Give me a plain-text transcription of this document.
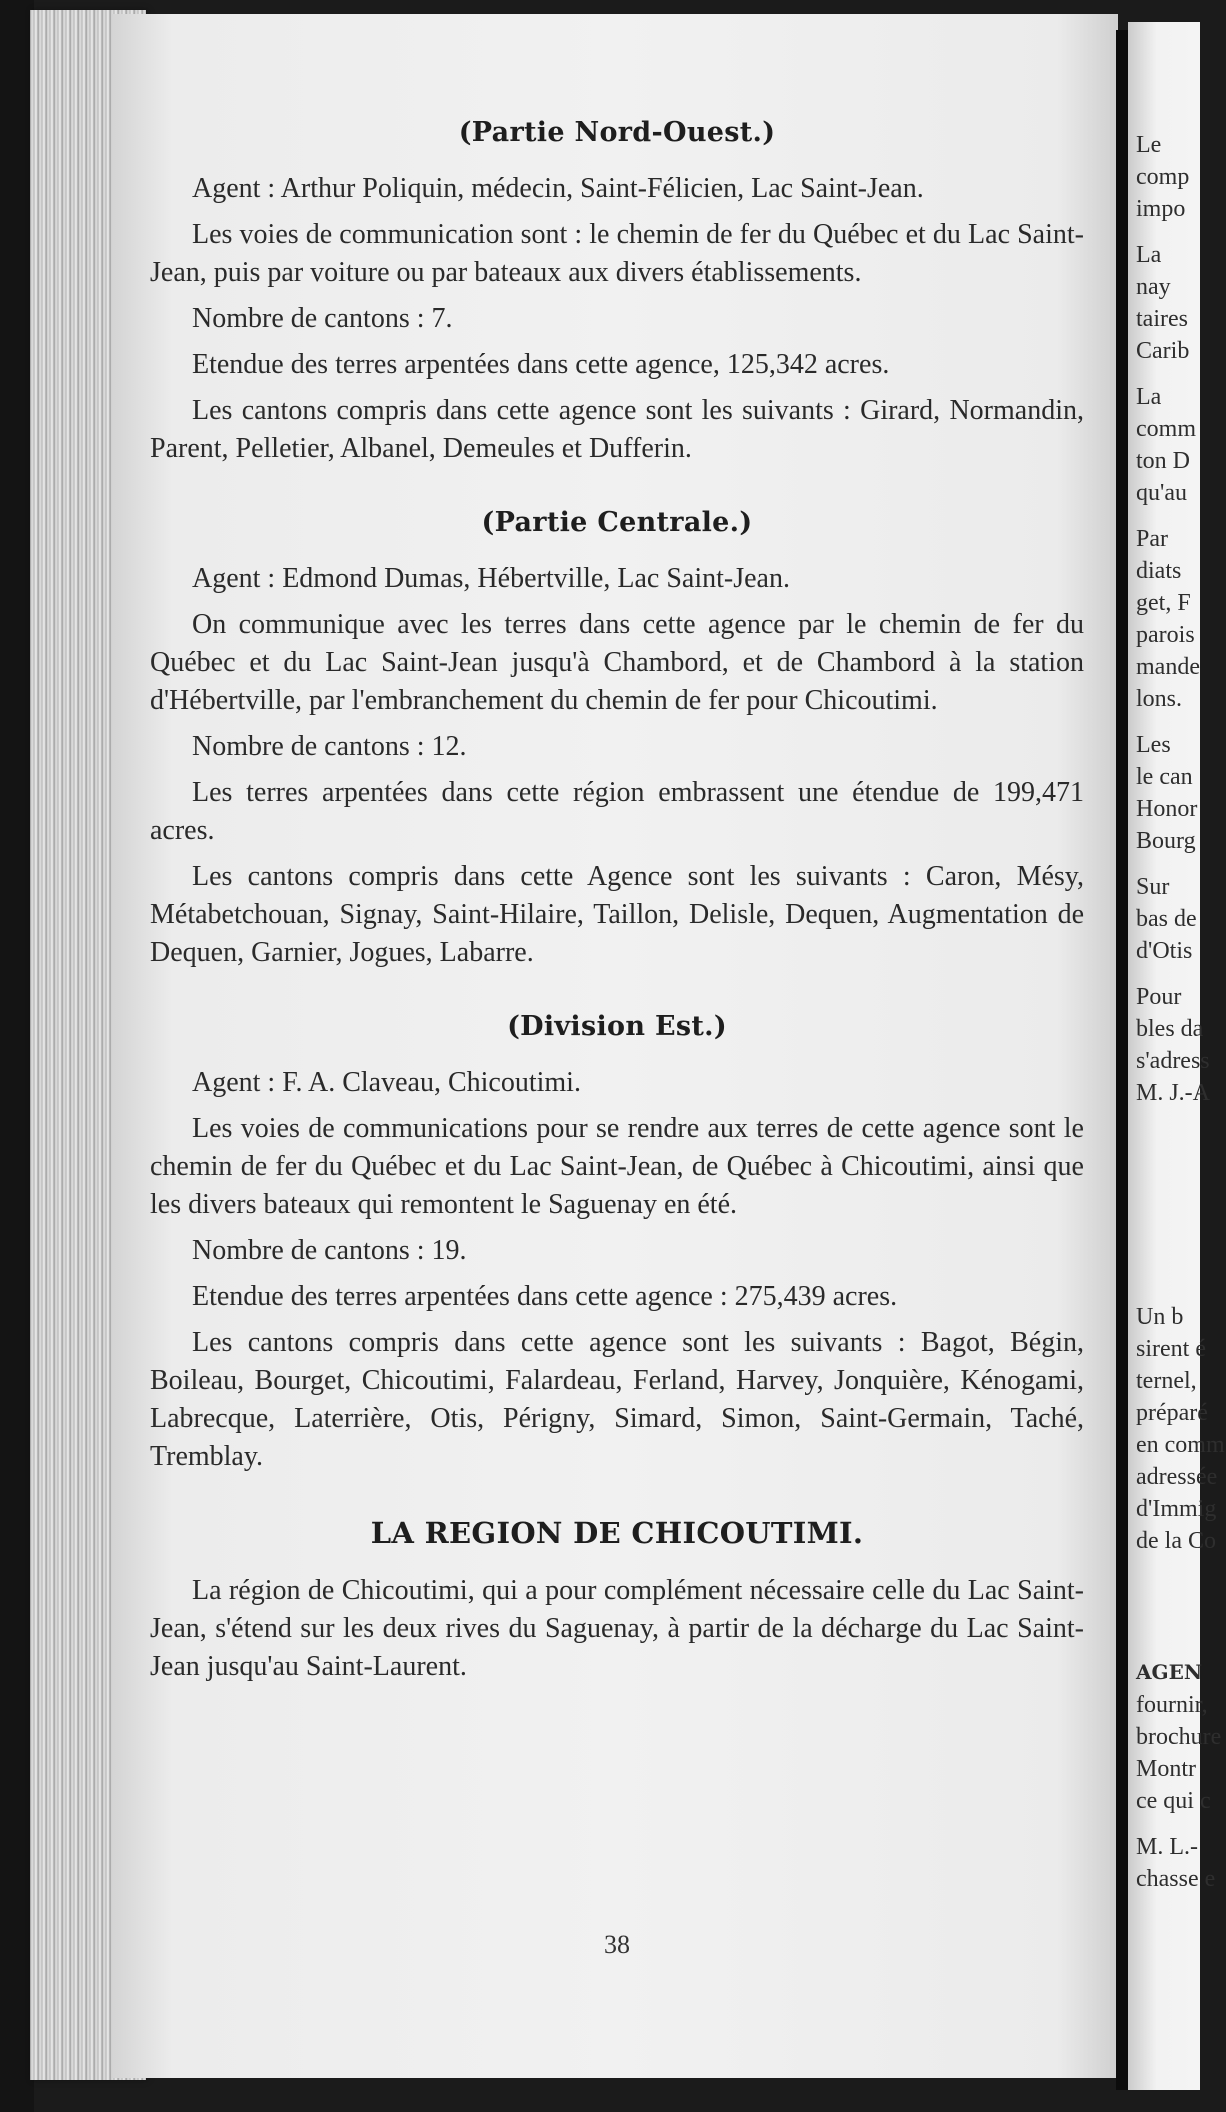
Le
comp
impo
La
nay
taires
Carib
La
comm
ton D
qu'au
Par
diats
get, F
parois
mande
lons.
Les
le can
Honor
Bourg
Sur
bas de
d'Otis
Pour
bles da
s'adress
M. J.-A
Un b
sirent é
ternel,
préparé
en comm
adressée
d'Immig
de la Co
AGEN
fournir,
brochure
Montr
ce qui c
M. L.-
chasse e
(Partie Nord-Ouest.)

Agent : Arthur Poliquin, médecin, Saint-Félicien, Lac Saint-Jean.

Les voies de communication sont : le chemin de fer du Québec et du Lac Saint-Jean, puis par voiture ou par bateaux aux divers établissements.

Nombre de cantons : 7.

Etendue des terres arpentées dans cette agence, 125,342 acres.

Les cantons compris dans cette agence sont les suivants : Girard, Normandin, Parent, Pelletier, Albanel, Demeules et Dufferin.

(Partie Centrale.)

Agent : Edmond Dumas, Hébertville, Lac Saint-Jean.

On communique avec les terres dans cette agence par le chemin de fer du Québec et du Lac Saint-Jean jusqu'à Chambord, et de Chambord à la station d'Hébertville, par l'embranchement du chemin de fer pour Chicoutimi.

Nombre de cantons : 12.

Les terres arpentées dans cette région embrassent une étendue de 199,471 acres.

Les cantons compris dans cette Agence sont les suivants : Caron, Mésy, Métabetchouan, Signay, Saint-Hilaire, Taillon, Delisle, Dequen, Augmentation de Dequen, Garnier, Jogues, Labarre.

(Division Est.)

Agent : F. A. Claveau, Chicoutimi.

Les voies de communications pour se rendre aux terres de cette agence sont le chemin de fer du Québec et du Lac Saint-Jean, de Québec à Chicoutimi, ainsi que les divers bateaux qui remontent le Saguenay en été.

Nombre de cantons : 19.

Etendue des terres arpentées dans cette agence : 275,439 acres.

Les cantons compris dans cette agence sont les suivants : Bagot, Bégin, Boileau, Bourget, Chicoutimi, Falardeau, Ferland, Harvey, Jonquière, Kénogami, Labrecque, Laterrière, Otis, Périgny, Simard, Simon, Saint-Germain, Taché, Tremblay.

LA REGION DE CHICOUTIMI.

La région de Chicoutimi, qui a pour complément nécessaire celle du Lac Saint-Jean, s'étend sur les deux rives du Saguenay, à partir de la décharge du Lac Saint-Jean jusqu'au Saint-Laurent.

38
